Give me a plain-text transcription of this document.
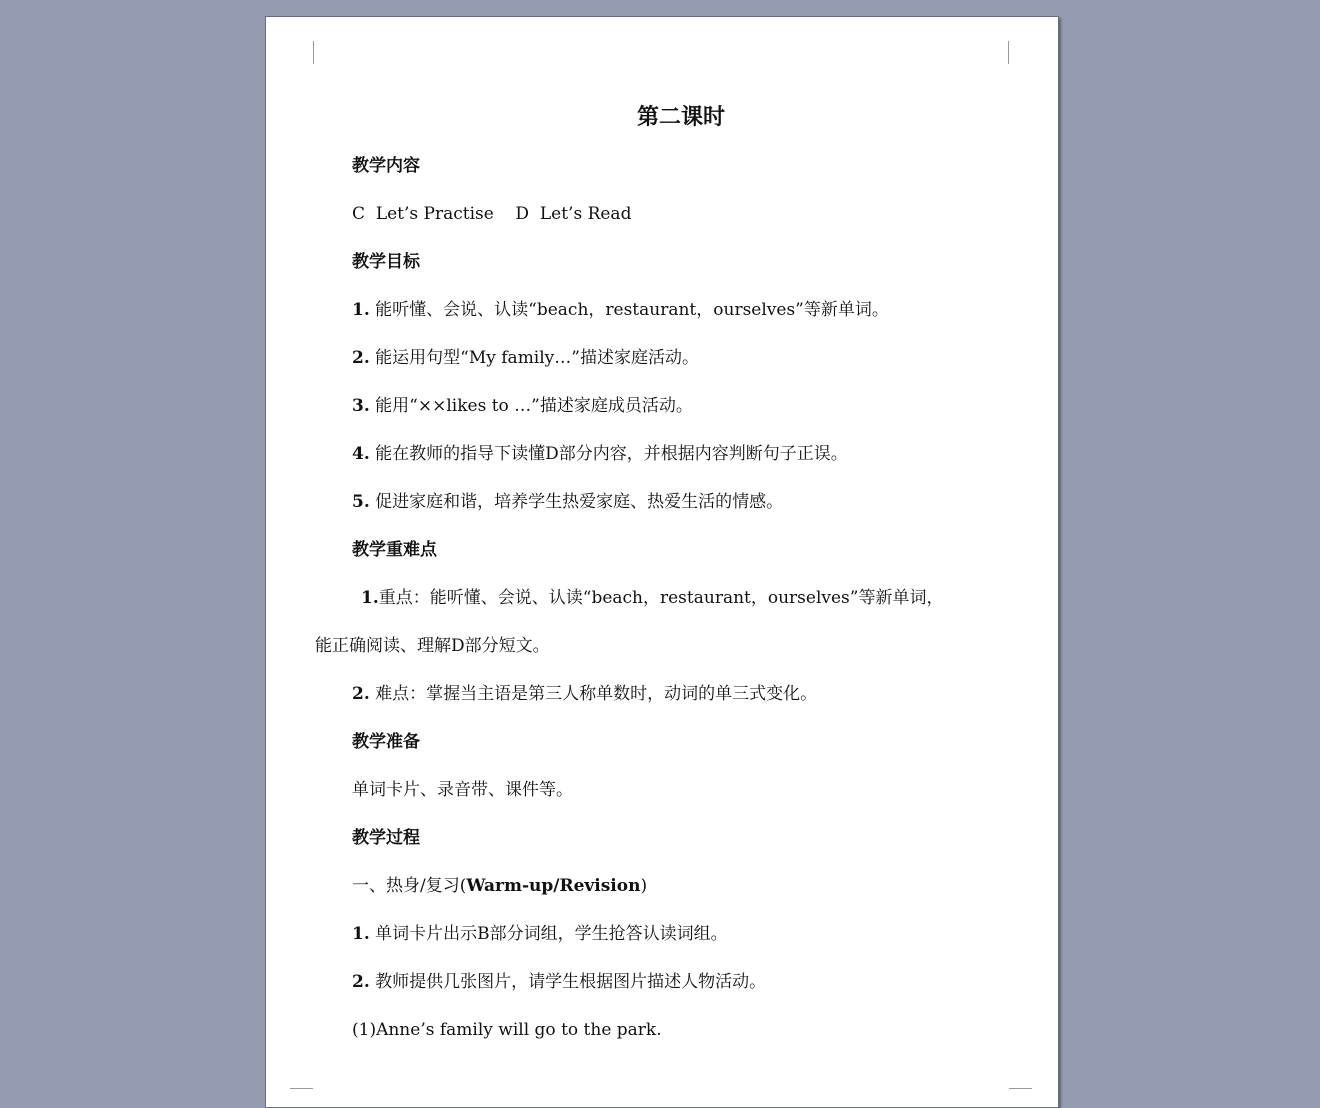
第二课时
教学内容
C  Let’s Practise    D  Let’s Read
教学目标
1. 能听懂、会说、认读“beach，restaurant，ourselves”等新单词。
2. 能运用句型“My family…”描述家庭活动。
3. 能用“××likes to …”描述家庭成员活动。
4. 能在教师的指导下读懂D部分内容，并根据内容判断句子正误。
5. 促进家庭和谐，培养学生热爱家庭、热爱生活的情感。
教学重难点
1.重点：能听懂、会说、认读“beach，restaurant，ourselves”等新单词，
能正确阅读、理解D部分短文。
2. 难点：掌握当主语是第三人称单数时，动词的单三式变化。
教学准备
单词卡片、录音带、课件等。
教学过程
一、热身/复习(Warm-up/Revision)
1. 单词卡片出示B部分词组，学生抢答认读词组。
2. 教师提供几张图片，请学生根据图片描述人物活动。
(1)Anne’s family will go to the park.
